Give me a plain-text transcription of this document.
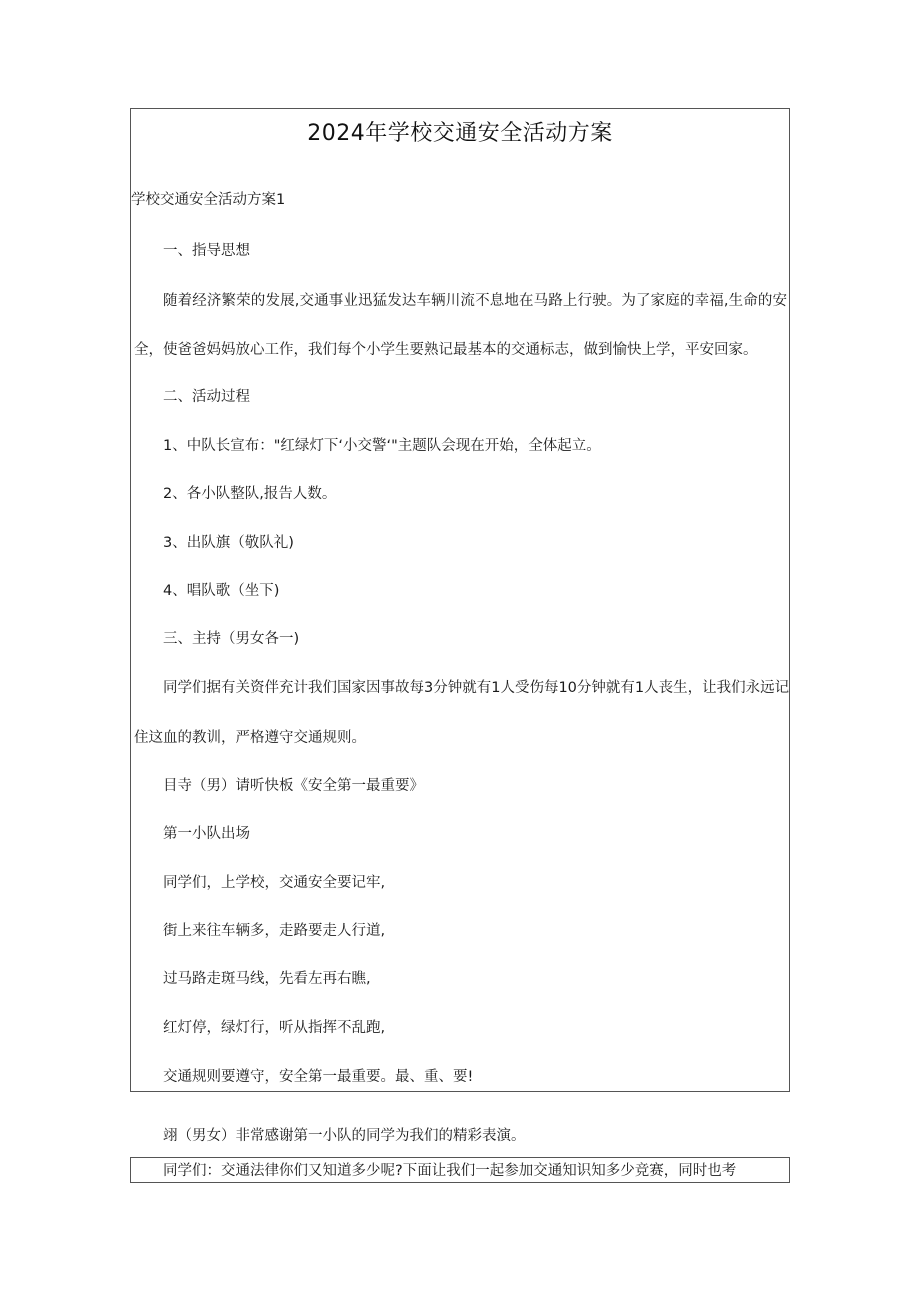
2024年学校交通安全活动方案
学校交通安全活动方案1
一、指导思想
随着经济繁荣的发展,交通事业迅猛发达车辆川流不息地在马路上行驶。为了家庭的幸福,生命的安
全，使爸爸妈妈放心工作，我们每个小学生要熟记最基本的交通标志，做到愉快上学，平安回家。
二、活动过程
1、中队长宣布："红绿灯下‘小交警‘"主题队会现在开始，全体起立。
2、各小队整队,报告人数。
3、出队旗（敬队礼)
4、唱队歌（坐下)
三、主持（男女各一)
同学们据有关资伴充计我们国家因事故每3分钟就有1人受伤每10分钟就有1人丧生，让我们永远记
住这血的教训，严格遵守交通规则。
目寺（男）请听快板《安全第一最重要》
第一小队出场
同学们，上学校，交通安全要记牢,
街上来往车辆多，走路要走人行道,
过马路走斑马线，先看左再右瞧,
红灯停，绿灯行，听从指挥不乱跑,
交通规则要遵守，安全第一最重要。最、重、要!
翊（男女）非常感谢第一小队的同学为我们的精彩表演。
同学们：交通法律你们又知道多少呢?下面让我们一起参加交通知识知多少竞赛，同时也考
